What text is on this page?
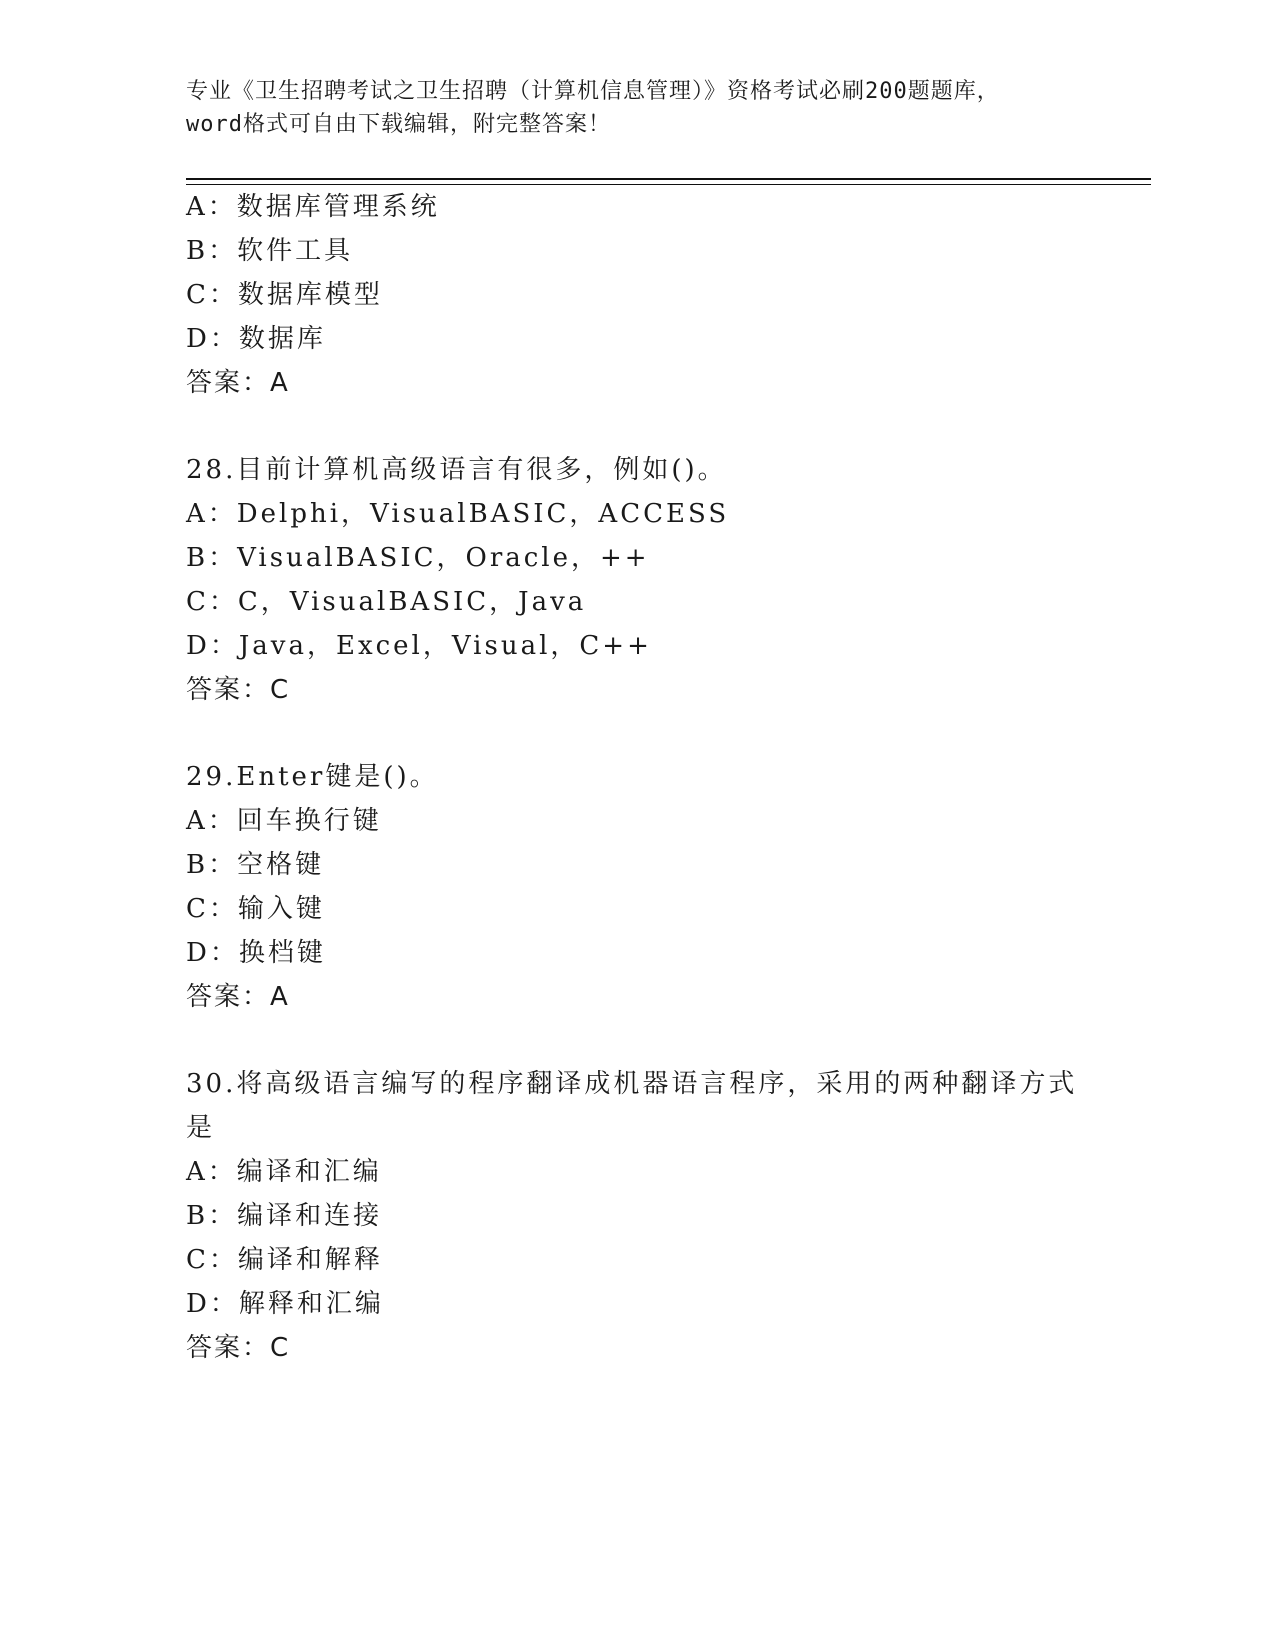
专业《卫生招聘考试之卫生招聘（计算机信息管理）》资格考试必刷200题题库，
word格式可自由下载编辑，附完整答案！
A：数据库管理系统
B：软件工具
C：数据库模型
D：数据库
答案：A
28.目前计算机高级语言有很多，例如()。
A：Delphi，VisualBASIC，ACCESS
B：VisualBASIC，Oracle，++
C：C，VisualBASIC，Java
D：Java，Excel，Visual，C++
答案：C
29.Enter键是()。
A：回车换行键
B：空格键
C：输入键
D：换档键
答案：A
30.将高级语言编写的程序翻译成机器语言程序，采用的两种翻译方式
是
A：编译和汇编
B：编译和连接
C：编译和解释
D：解释和汇编
答案：C
